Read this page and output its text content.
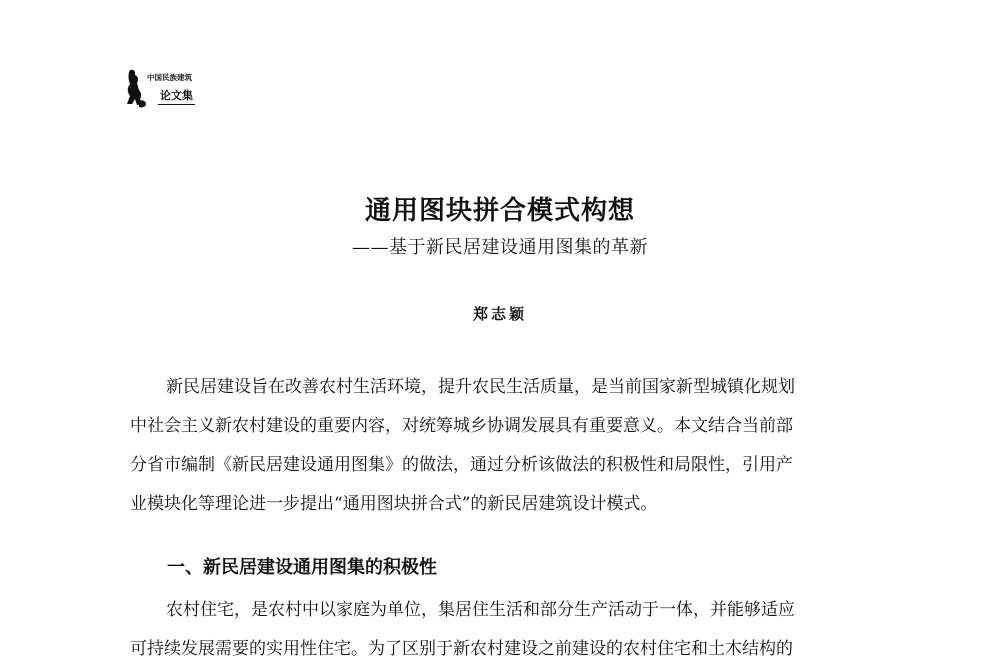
中国民族建筑
论文集
通用图块拼合模式构想
——基于新民居建设通用图集的革新
郑志颖

新民居建设旨在改善农村生活环境，提升农民生活质量，是当前国家新型城镇化规划
中社会主义新农村建设的重要内容，对统筹城乡协调发展具有重要意义。本文结合当前部
分省市编制《新民居建设通用图集》的做法，通过分析该做法的积极性和局限性，引用产
业模块化等理论进一步提出“通用图块拼合式”的新民居建筑设计模式。

一、新民居建设通用图集的积极性

农村住宅，是农村中以家庭为单位，集居住生活和部分生产活动于一体，并能够适应
可持续发展需要的实用性住宅。为了区别于新农村建设之前建设的农村住宅和土木结构的
